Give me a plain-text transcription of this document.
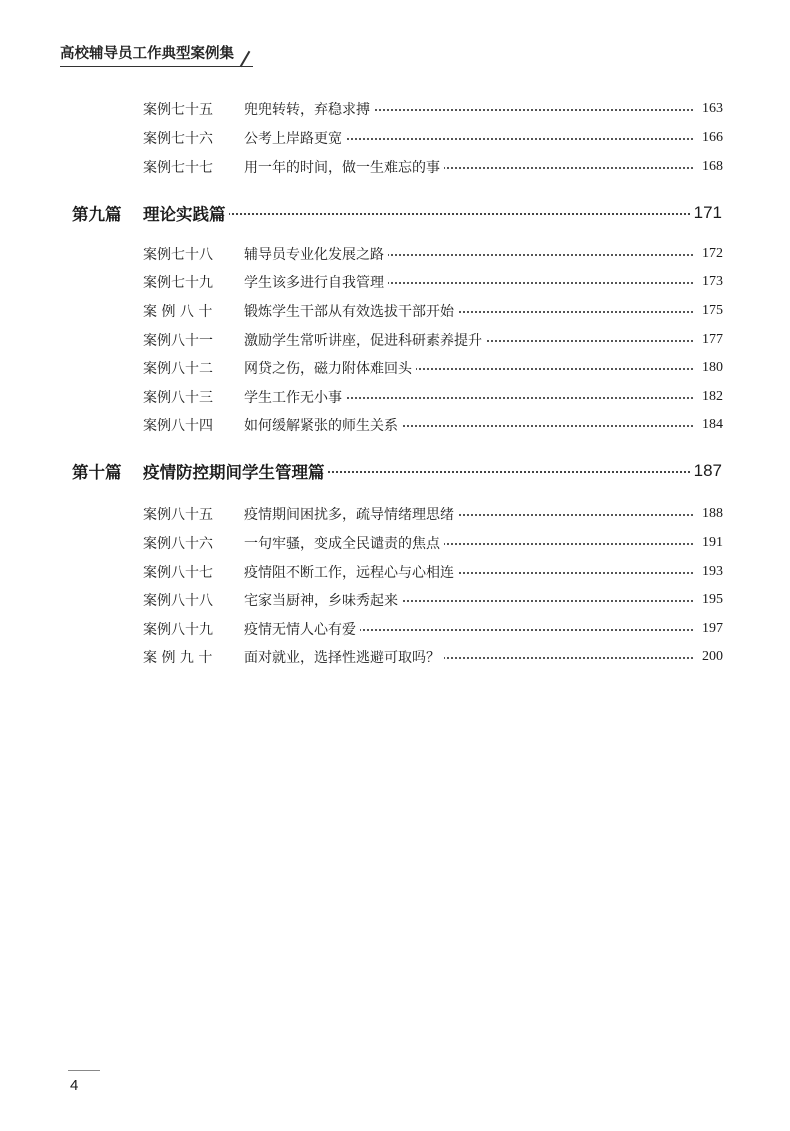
高校辅导员工作典型案例集
案例七十五	兜兜转转，弃稳求搏	163
案例七十六	公考上岸路更宽	166
案例七十七	用一年的时间，做一生难忘的事	168
第九篇 理论实践篇	171
案例七十八	辅导员专业化发展之路	172
案例七十九	学生该多进行自我管理	173
案 例 八 十	锻炼学生干部从有效选拔干部开始	175
案例八十一	激励学生常听讲座，促进科研素养提升	177
案例八十二	网贷之伤，磁力附体难回头	180
案例八十三	学生工作无小事	182
案例八十四	如何缓解紧张的师生关系	184
第十篇 疫情防控期间学生管理篇	187
案例八十五	疫情期间困扰多，疏导情绪理思绪	188
案例八十六	一句牢骚，变成全民谴责的焦点	191
案例八十七	疫情阻不断工作，远程心与心相连	193
案例八十八	宅家当厨神，乡味秀起来	195
案例八十九	疫情无情人心有爱	197
案 例 九 十	面对就业，选择性逃避可取吗？	200
4
